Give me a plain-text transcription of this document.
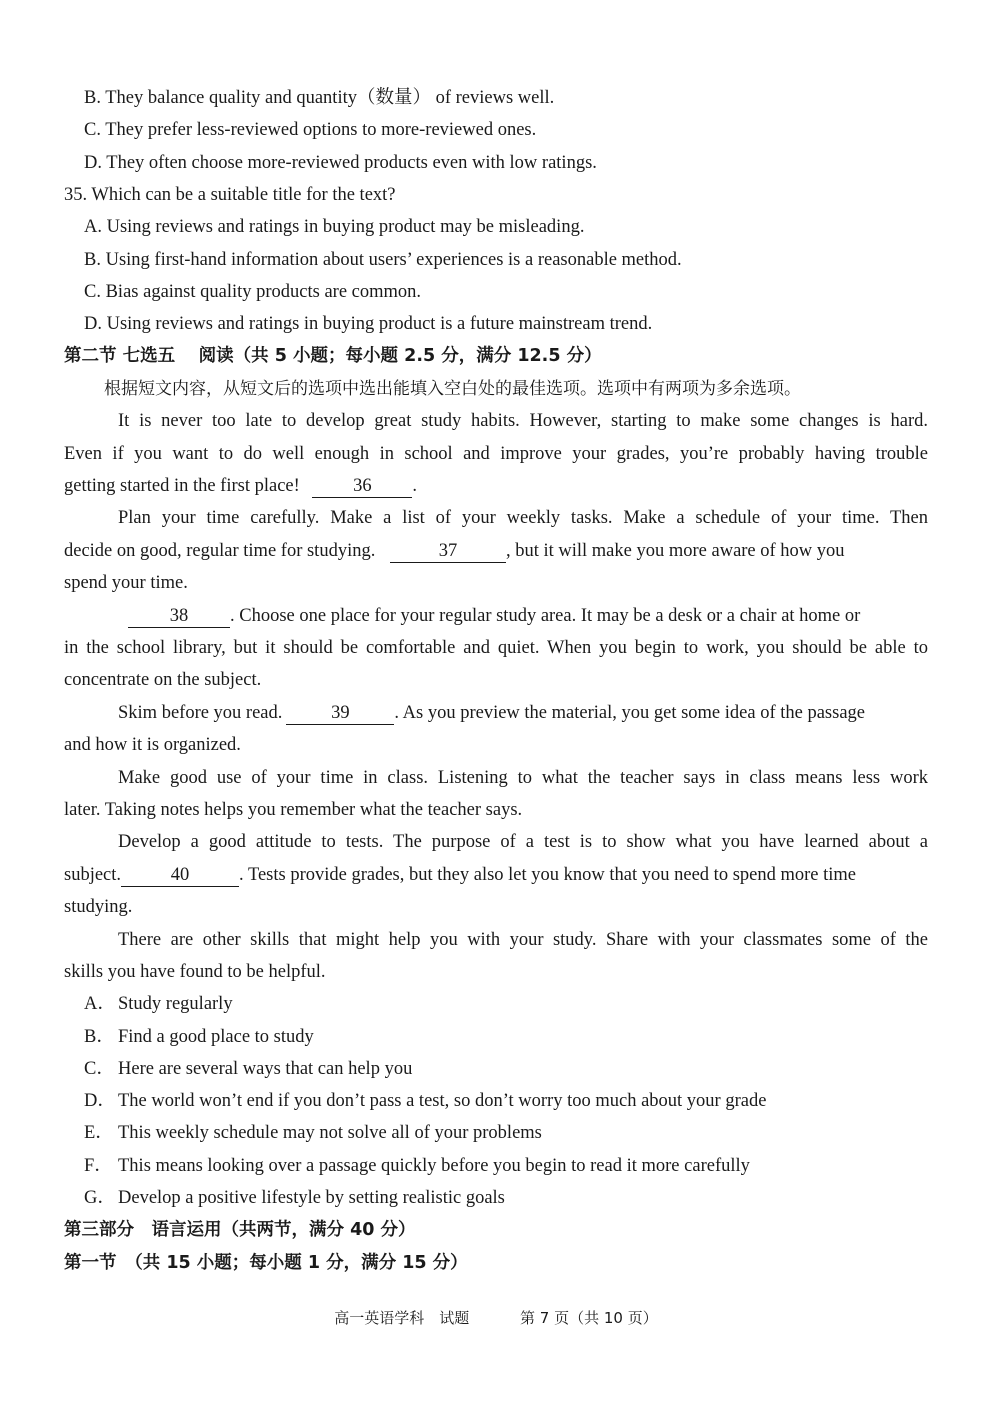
B. They balance quality and quantity（数量） of reviews well.
C. They prefer less-reviewed options to more-reviewed ones.
D. They often choose more-reviewed products even with low ratings.
35. Which can be a suitable title for the text?
A. Using reviews and ratings in buying product may be misleading.
B. Using first-hand information about users’ experiences is a reasonable method.
C. Bias against quality products are common.
D. Using reviews and ratings in buying product is a future mainstream trend.
第二节 七选五　 阅读（共 5 小题；每小题 2.5 分，满分 12.5 分）
根据短文内容，从短文后的选项中选出能填入空白处的最佳选项。选项中有两项为多余选项。
It is never too late to develop great study habits. However, starting to make some changes is hard.
Even if you want to do well enough in school and improve your grades, you’re probably having trouble
getting started in the first place!	36 .
Plan your time carefully. Make a list of your weekly tasks. Make a schedule of your time. Then
decide on good, regular time for studying.	37	, but it will make you more aware of how you
spend your time.
38 . Choose one place for your regular study area. It may be a desk or a chair at home or
in the school library, but it should be comfortable and quiet. When you begin to work, you should be able to
concentrate on the subject.
Skim before you read.	39 . As you preview the material, you get some idea of the passage
and how it is organized.
Make good use of your time in class. Listening to what the teacher says in class means less work
later. Taking notes helps you remember what the teacher says.
Develop a good attitude to tests. The purpose of a test is to show what you have learned about a
subject.	40	. Tests provide grades, but they also let you know that you need to spend more time
studying.
There are other skills that might help you with your study. Share with your classmates some of the
skills you have found to be helpful.
A． Study regularly
B． Find a good place to study
C． Here are several ways that can help you
D． The world won’t end if you don’t pass a test, so don’t worry too much about your grade
E． This weekly schedule may not solve all of your problems
F． This means looking over a passage quickly before you begin to read it more carefully
G． Develop a positive lifestyle by setting realistic goals
第三部分　语言运用（共两节，满分 40 分）
第一节　（共 15 小题；每小题 1 分，满分 15 分）
高一英语学科　试题	第 7 页（共 10 页）
